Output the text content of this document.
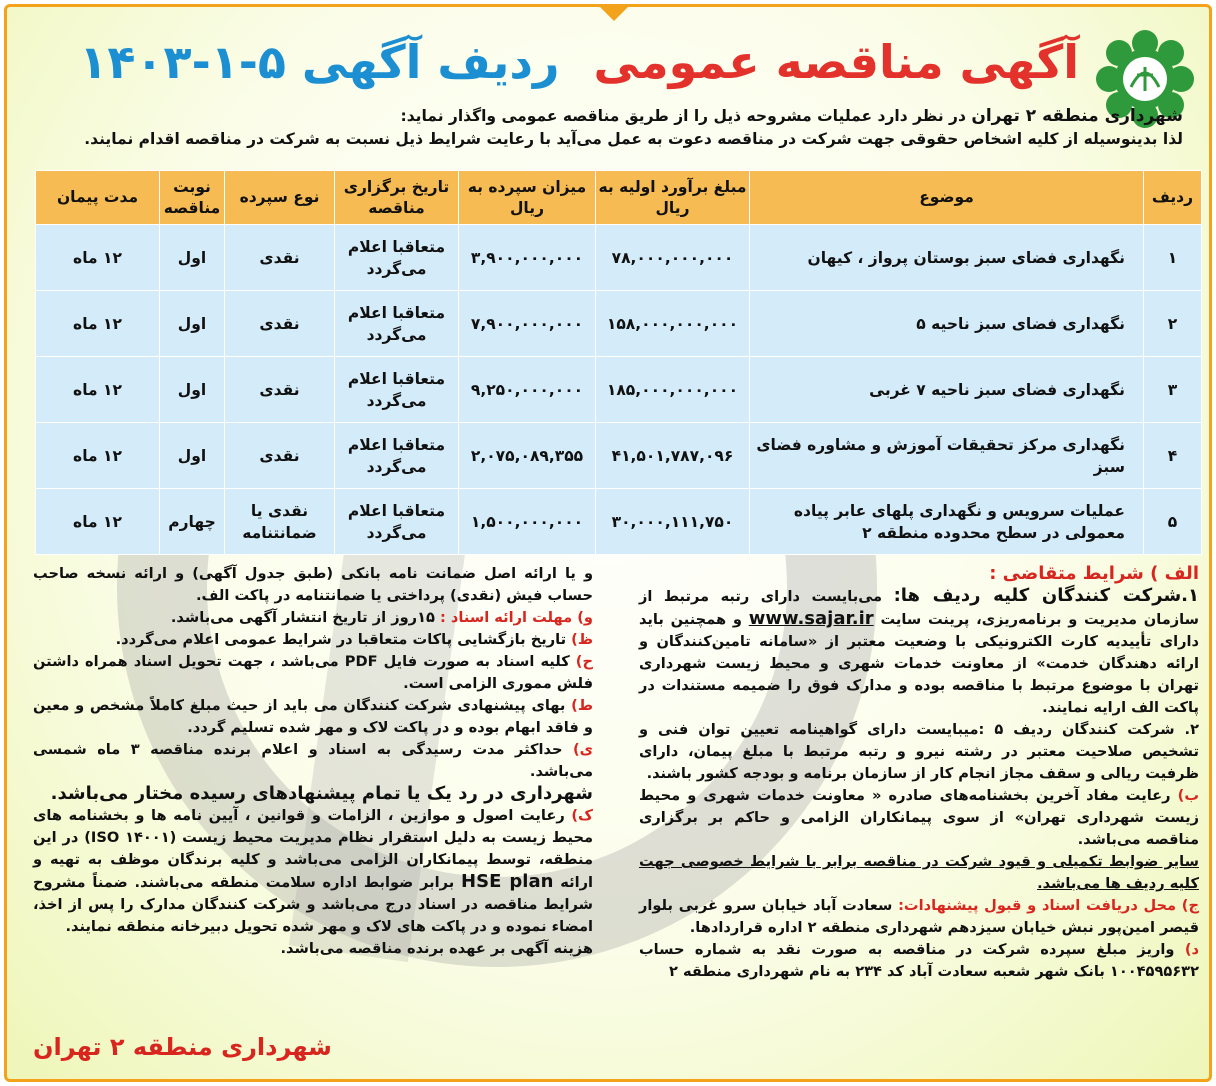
آگهی مناقصه عمومی ردیف آگهی ۵-۱-۱۴۰۳
شهرداری منطقه ۲ تهران در نظر دارد عملیات مشروحه ذیل را از طریق مناقصه عمومی واگذار نماید:
لذا بدینوسیله از کلیه اشخاص حقوقی جهت شرکت در مناقصه دعوت به عمل می‌آید با رعایت شرایط ذیل نسبت به شرکت در مناقصه اقدام نمایند.
ردیف	موضوع	مبلغ برآورد اولیه به ریال	میزان سپرده به ریال	تاریخ برگزاری مناقصه	نوع سپرده	نوبت مناقصه	مدت پیمان
۱	نگهداری فضای سبز بوستان پرواز ، کیهان	۷۸,۰۰۰,۰۰۰,۰۰۰	۳,۹۰۰,۰۰۰,۰۰۰	متعاقبا اعلام می‌گردد	نقدی	اول	۱۲ ماه
۲	نگهداری فضای سبز ناحیه ۵	۱۵۸,۰۰۰,۰۰۰,۰۰۰	۷,۹۰۰,۰۰۰,۰۰۰	متعاقبا اعلام می‌گردد	نقدی	اول	۱۲ ماه
۳	نگهداری فضای سبز ناحیه ۷ غربی	۱۸۵,۰۰۰,۰۰۰,۰۰۰	۹,۲۵۰,۰۰۰,۰۰۰	متعاقبا اعلام می‌گردد	نقدی	اول	۱۲ ماه
۴	نگهداری مرکز تحقیقات آموزش و مشاوره فضای سبز	۴۱,۵۰۱,۷۸۷,۰۹۶	۲,۰۷۵,۰۸۹,۳۵۵	متعاقبا اعلام می‌گردد	نقدی	اول	۱۲ ماه
۵	عملیات سرویس و نگهداری پلهای عابر پیاده معمولی در سطح محدوده منطقه ۲	۳۰,۰۰۰,۱۱۱,۷۵۰	۱,۵۰۰,۰۰۰,۰۰۰	متعاقبا اعلام می‌گردد	نقدی یا ضمانتنامه	چهارم	۱۲ ماه
الف ) شرایط متقاضی :
۱.شرکت کنندگان کلیه ردیف ها: می‌بایست دارای رتبه مرتبط از سازمان مدیریت و برنامه‌ریزی، پرینت سایت www.sajar.ir و همچنین باید دارای تأییدیه کارت الکترونیکی با وضعیت معتبر از «سامانه تامین‌کنندگان و ارائه دهندگان خدمت» از معاونت خدمات شهری و محیط زیست شهرداری تهران با موضوع مرتبط با مناقصه بوده و مدارک فوق را ضمیمه مستندات در پاکت الف ارایه نمایند.
۲. شرکت کنندگان ردیف ۵ :میبایست دارای گواهینامه تعیین توان فنی و تشخیص صلاحیت معتبر در رشته نیرو و رتبه مرتبط با مبلغ پیمان، دارای ظرفیت ریالی و سقف مجاز انجام کار از سازمان برنامه و بودجه کشور باشند.
ب) رعایت مفاد آخرین بخشنامه‌های صادره « معاونت خدمات شهری و محیط زیست شهرداری تهران» از سوی پیمانکاران الزامی و حاکم بر برگزاری مناقصه می‌باشد.
سایر ضوابط تکمیلی و قیود شرکت در مناقصه برابر با شرایط خصوصی جهت کلیه ردیف ها می‌باشد.
ج) محل دریافت اسناد و قبول پیشنهادات: سعادت آباد خیابان سرو غربی بلوار قیصر امین‌پور نبش خیابان سیزدهم شهرداری منطقه ۲ اداره قراردادها.
د) واریز مبلغ سپرده شرکت در مناقصه به صورت نقد به شماره حساب ۱۰۰۴۵۹۵۶۳۲ بانک شهر شعبه سعادت آباد کد ۲۳۴ به نام شهرداری منطقه ۲
و یا ارائه اصل ضمانت نامه بانکی (طبق جدول آگهی) و ارائه نسخه صاحب حساب فیش (نقدی) پرداختی یا ضمانتنامه در پاکت الف.
و) مهلت ارائه اسناد : ۱۵روز از تاریخ انتشار آگهی می‌باشد.
ظ) تاریخ بازگشایی پاکات متعاقبا در شرایط عمومی اعلام می‌گردد.
ح) کلیه اسناد به صورت فایل PDF می‌باشد ، جهت تحویل اسناد همراه داشتن فلش مموری الزامی است.
ط) بهای پیشنهادی شرکت کنندگان می باید از حیث مبلغ کاملاً مشخص و معین و فاقد ابهام بوده و در پاکت لاک و مهر شده تسلیم گردد.
ی) حداکثر مدت رسیدگی به اسناد و اعلام برنده مناقصه ۳ ماه شمسی می‌باشد.
شهرداری در رد یک یا تمام پیشنهادهای رسیده مختار می‌باشد.
ک) رعایت اصول و موازین ، الزامات و قوانین ، آیین نامه ها و بخشنامه های محیط زیست به دلیل استقرار نظام مدیریت محیط زیست (ISO ۱۴۰۰۱) در این منطقه، توسط پیمانکاران الزامی می‌باشد و کلیه برندگان موظف به تهیه و ارائه HSE plan برابر ضوابط اداره سلامت منطقه می‌باشند. ضمناً مشروح شرایط مناقصه در اسناد درج می‌باشد و شرکت کنندگان مدارک را پس از اخذ، امضاء نموده و در پاکت های لاک و مهر شده تحویل دبیرخانه منطقه نمایند.
هزینه آگهی بر عهده برنده مناقصه می‌باشد.
شهرداری منطقه ۲ تهران
